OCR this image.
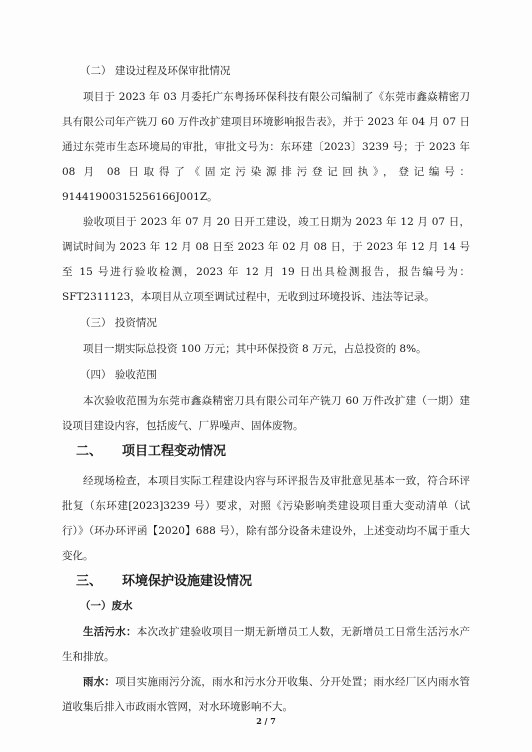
（二） 建设过程及环保审批情况

项目于 2023 年 03 月委托广东粤扬环保科技有限公司编制了《东莞市鑫焱精密刀具有限公司年产铣刀 60 万件改扩建项目环境影响报告表》，并于 2023 年 04 月 07 日通过东莞市生态环境局的审批，审批文号为：东环建〔2023〕3239 号；于 2023 年 08 月 08 日取得了《固定污染源排污登记回执》，登记编号：91441900315256166J001Z。

验收项目于 2023 年 07 月 20 日开工建设，竣工日期为 2023 年 12 月 07 日，调试时间为 2023 年 12 月 08 日至 2023 年 02 月 08 日，于 2023 年 12 月 14 号至 15 号进行验收检测，2023 年 12 月 19 日出具检测报告，报告编号为：SFT2311123，本项目从立项至调试过程中，无收到过环境投诉、违法等记录。

（三） 投资情况

项目一期实际总投资 100 万元；其中环保投资 8 万元，占总投资的 8%。

（四） 验收范围

本次验收范围为东莞市鑫焱精密刀具有限公司年产铣刀 60 万件改扩建（一期）建设项目建设内容，包括废气、厂界噪声、固体废物。

二、 项目工程变动情况

经现场检查，本项目实际工程建设内容与环评报告及审批意见基本一致，符合环评批复（东环建[2023]3239 号）要求，对照《污染影响类建设项目重大变动清单（试行）》（环办环评函【2020】688 号），除有部分设备未建设外，上述变动均不属于重大变化。

三、 环境保护设施建设情况

（一）废水

生活污水：本次改扩建验收项目一期无新增员工人数，无新增员工日常生活污水产生和排放。

雨水：项目实施雨污分流，雨水和污水分开收集、分开处置；雨水经厂区内雨水管道收集后排入市政雨水管网，对水环境影响不大。

2 / 7
